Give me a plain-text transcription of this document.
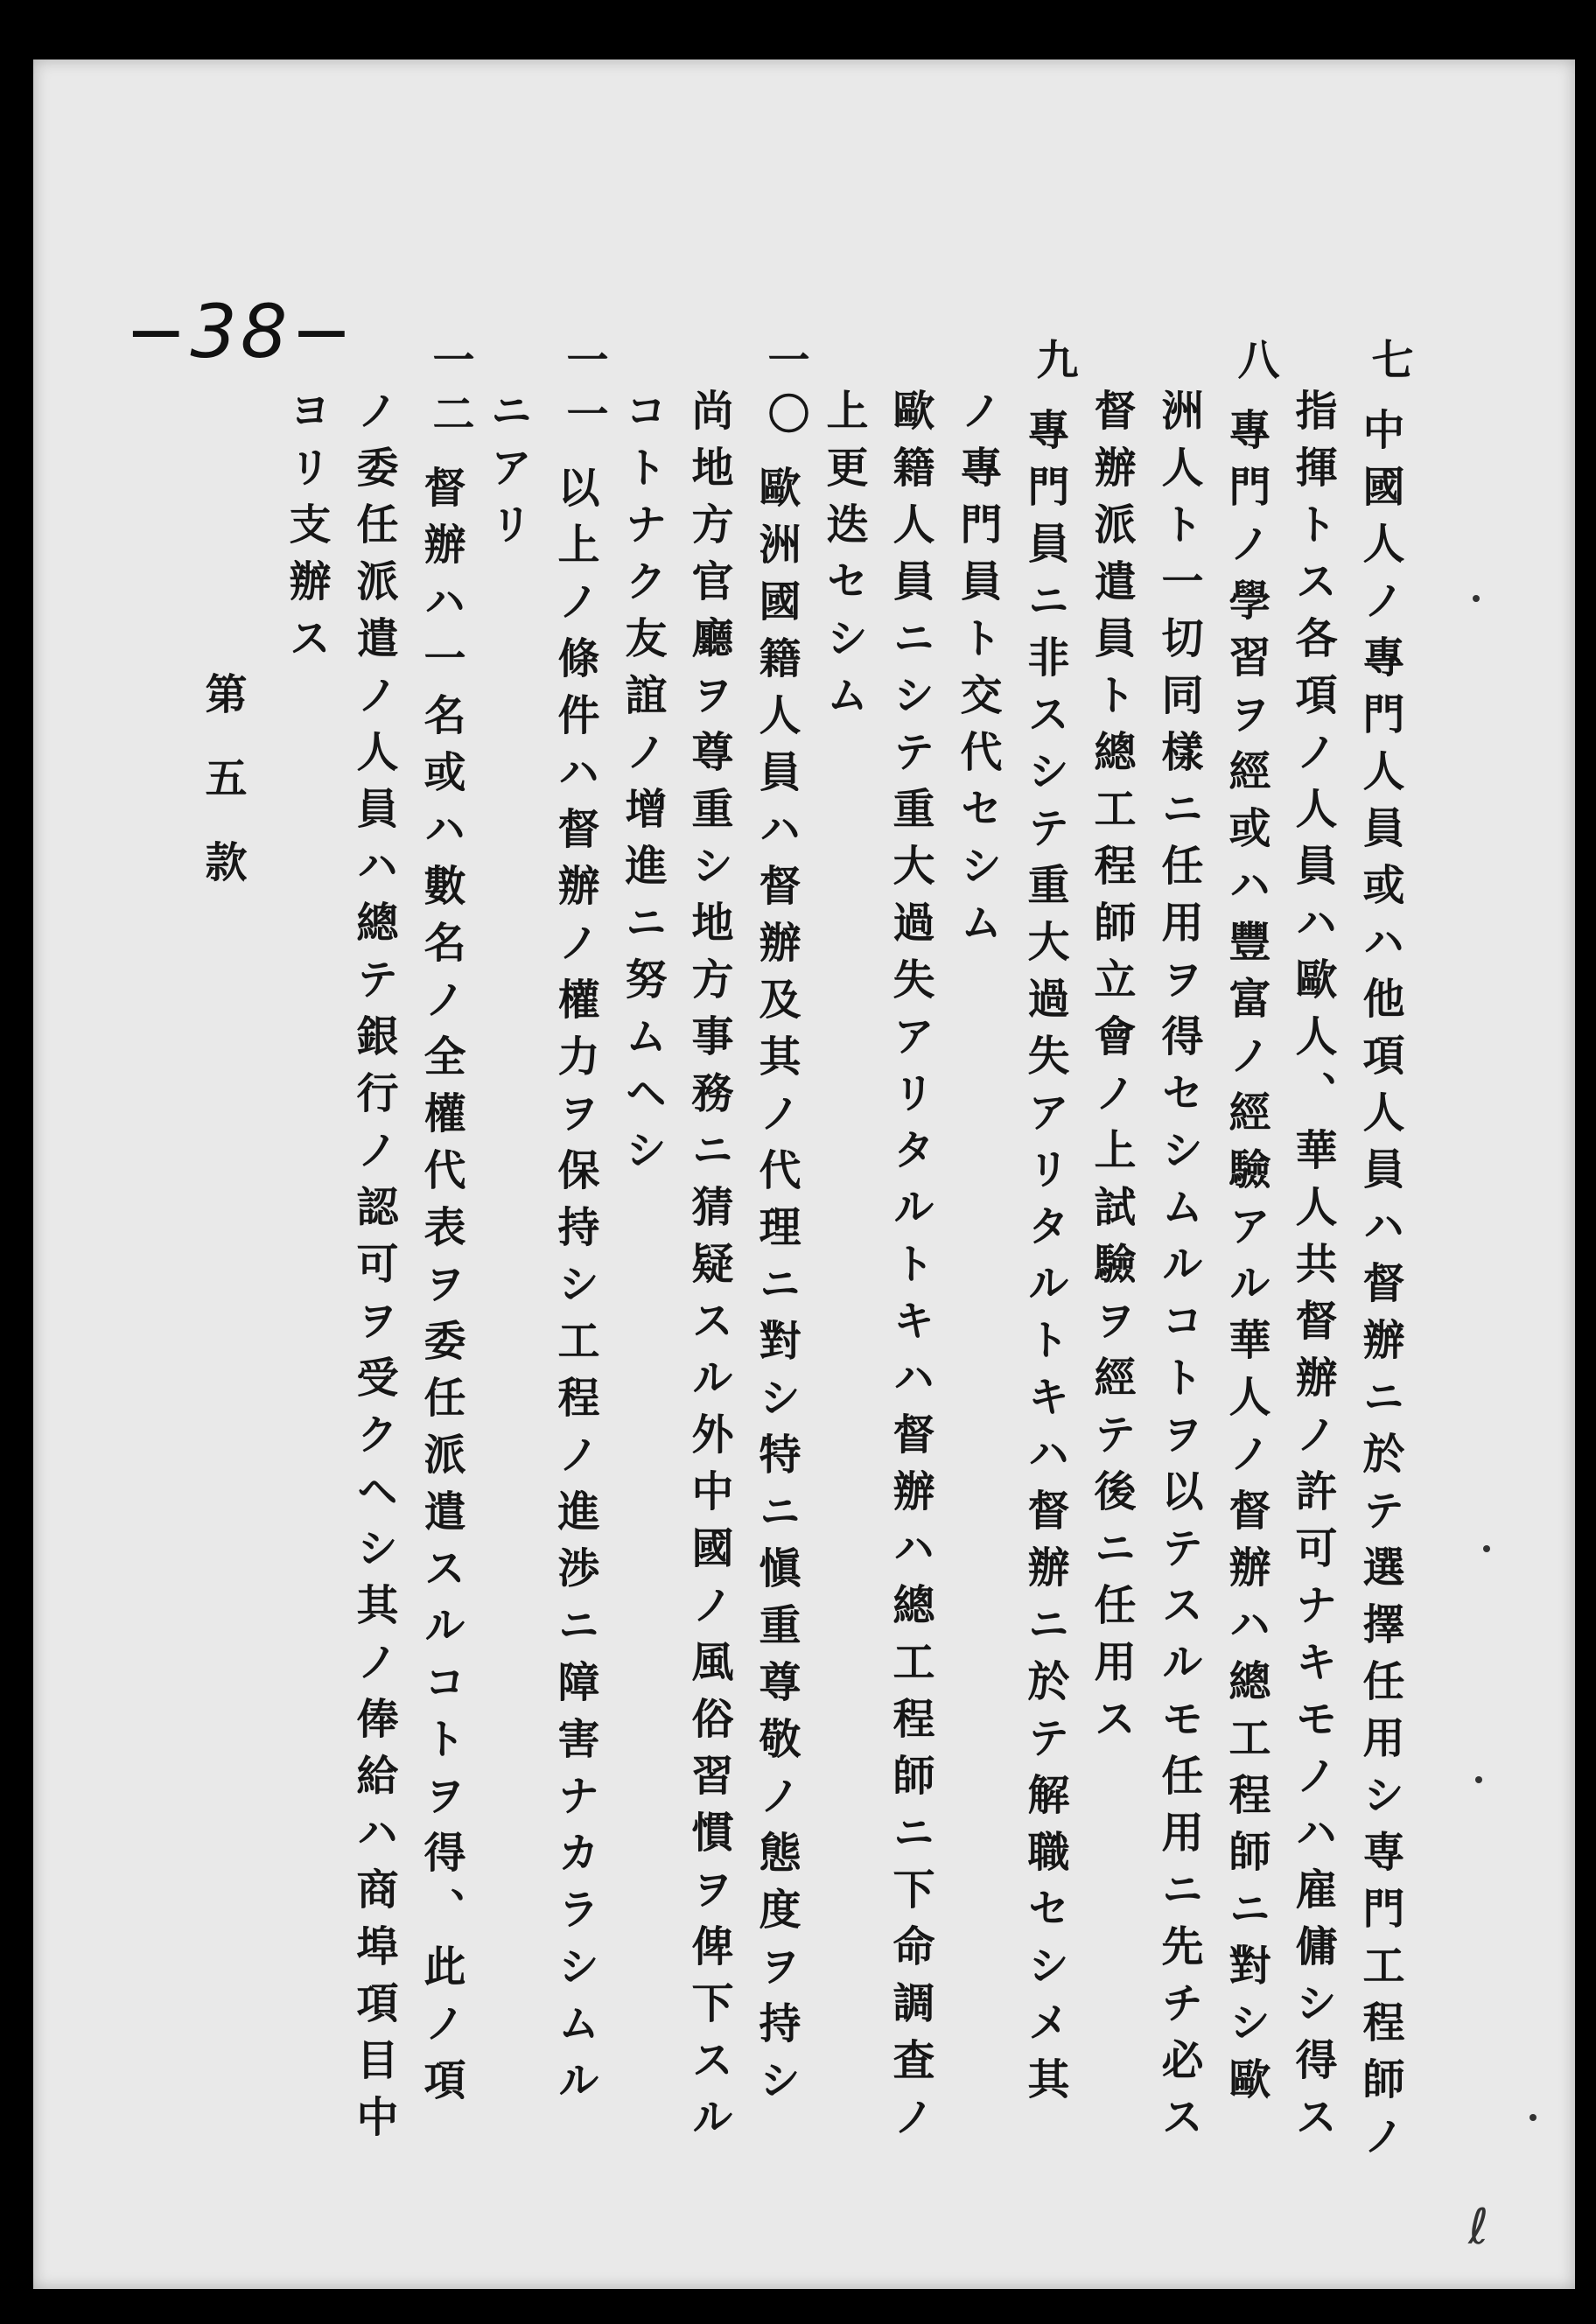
−38−	七
中國人ノ專門人員或ハ他項人員ハ督辦ニ於テ選擇任用シ専門工程師ノ
指揮トス各項ノ人員ハ歐人、華人共督辦ノ許可ナキモノハ雇傭シ得ス
八
專門ノ學習ヲ經或ハ豐富ノ經驗アル華人ノ督辦ハ總工程師ニ對シ歐
洲人ト一切同樣ニ任用ヲ得セシムルコトヲ以テスルモ任用ニ先チ必ス
督辦派遣員ト總工程師立會ノ上試驗ヲ經テ後ニ任用ス
九
專門員ニ非スシテ重大過失アリタルトキハ督辦ニ於テ解職セシメ其
ノ專門員ト交代セシム
歐籍人員ニシテ重大過失アリタルトキハ督辦ハ總工程師ニ下命調査ノ
上更迭セシム
一〇
歐洲國籍人員ハ督辦及其ノ代理ニ對シ特ニ愼重尊敬ノ態度ヲ持シ
尚地方官廳ヲ尊重シ地方事務ニ猜疑スル外中國ノ風俗習慣ヲ俾下スル
コトナク友誼ノ增進ニ努ムヘシ
一一
以上ノ條件ハ督辦ノ權力ヲ保持シ工程ノ進渉ニ障害ナカラシムル
ニアリ
一二
督辦ハ一名或ハ數名ノ全權代表ヲ委任派遣スルコトヲ得、此ノ項
ノ委任派遣ノ人員ハ總テ銀行ノ認可ヲ受クヘシ其ノ俸給ハ商埠項目中
ヨリ支辦ス
第五款
ℓ
